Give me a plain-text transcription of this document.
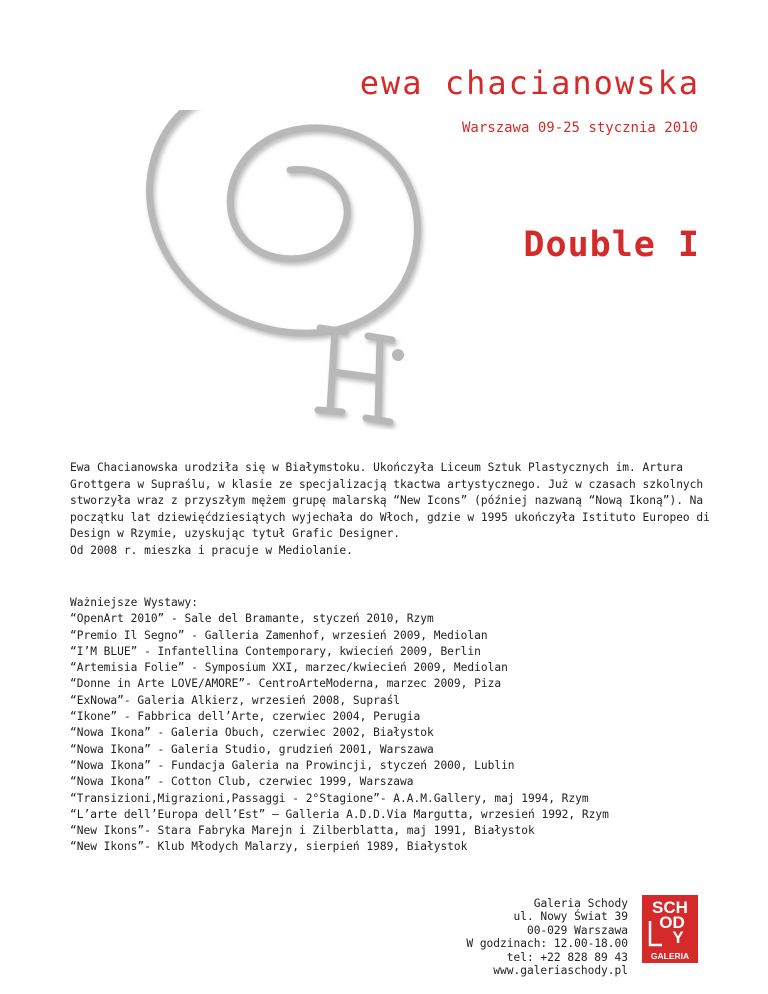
ewa chacianowska
Warszawa 09-25 stycznia 2010
Double I

Ewa Chacianowska urodziła się w Białymstoku. Ukończyła Liceum Sztuk Plastycznych im. Artura Grottgera w Supraślu, w klasie ze specjalizacją tkactwa artystycznego. Już w czasach szkolnych stworzyła wraz z przyszłym mężem grupę malarską “New Icons” (później nazwaną “Nową Ikoną”). Na początku lat dziewięćdziesiątych wyjechała do Włoch, gdzie w 1995 ukończyła Istituto Europeo di Design w Rzymie, uzyskując tytuł Grafic Designer.

Od 2008 r. mieszka i pracuje w Mediolanie.

Ważniejsze Wystawy:
“OpenArt 2010” - Sale del Bramante, styczeń 2010, Rzym
“Premio Il Segno” - Galleria Zamenhof, wrzesień 2009, Mediolan
“I’M BLUE” - Infantellina Contemporary, kwiecień 2009, Berlin
“Artemisia Folie” - Symposium XXI, marzec/kwiecień 2009, Mediolan
“Donne in Arte LOVE/AMORE”- CentroArteModerna, marzec 2009, Piza
“ExNowa”- Galeria Alkierz, wrzesień 2008, Supraśl
“Ikone” - Fabbrica dell’Arte, czerwiec 2004, Perugia
“Nowa Ikona” - Galeria Obuch, czerwiec 2002, Białystok
“Nowa Ikona” - Galeria Studio, grudzień 2001, Warszawa
“Nowa Ikona” - Fundacja Galeria na Prowincji, styczeń 2000, Lublin
“Nowa Ikona” - Cotton Club, czerwiec 1999, Warszawa
“Transizioni,Migrazioni,Passaggi - 2°Stagione”- A.A.M.Gallery, maj 1994, Rzym
“L’arte dell’Europa dell’Est” – Galleria A.D.D.Via Margutta, wrzesień 1992, Rzym
“New Ikons”- Stara Fabryka Marejn i Zilberblatta, maj 1991, Białystok
“New Ikons”- Klub Młodych Malarzy, sierpień 1989, Białystok
Galeria Schody
ul. Nowy Świat 39
00-029 Warszawa
W godzinach: 12.00-18.00
tel: +22 828 89 43
www.galeriaschody.pl
SCH
OD
Y
GALERIA
